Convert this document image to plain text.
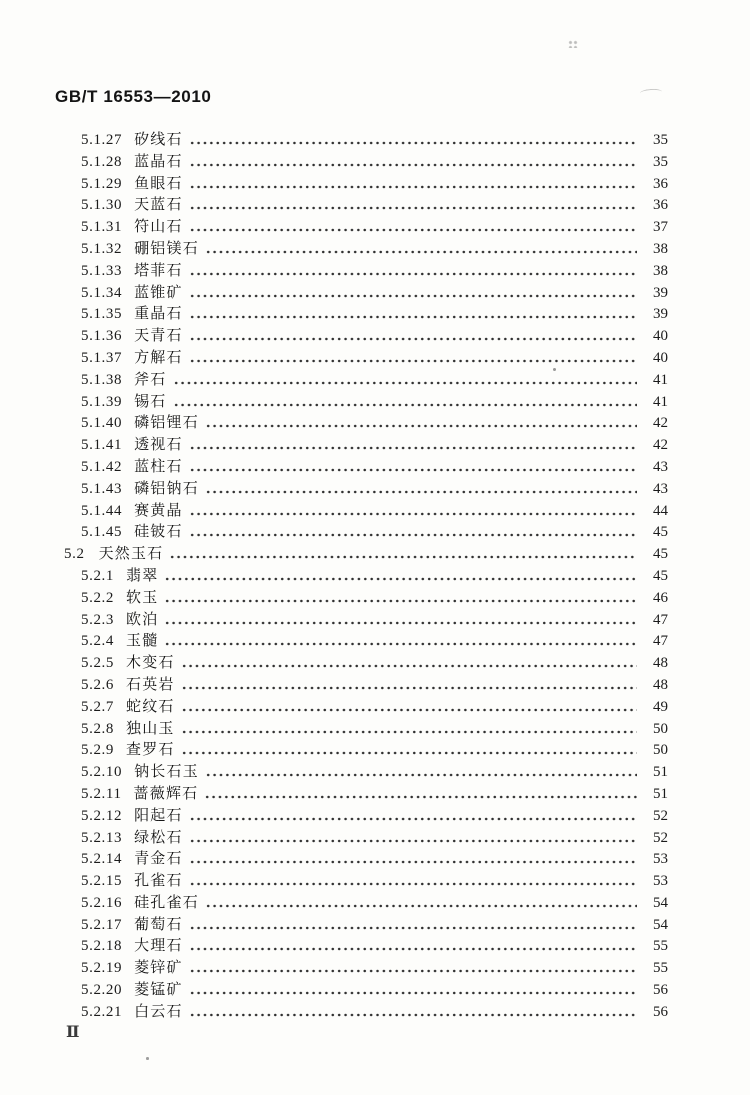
GB/T 16553—2010
5.1.27 矽线石	35
5.1.28 蓝晶石	35
5.1.29 鱼眼石	36
5.1.30 天蓝石	36
5.1.31 符山石	37
5.1.32 硼铝镁石	38
5.1.33 塔菲石	38
5.1.34 蓝锥矿	39
5.1.35 重晶石	39
5.1.36 天青石	40
5.1.37 方解石	40
5.1.38 斧石	41
5.1.39 锡石	41
5.1.40 磷铝锂石	42
5.1.41 透视石	42
5.1.42 蓝柱石	43
5.1.43 磷铝钠石	43
5.1.44 赛黄晶	44
5.1.45 硅铍石	45
5.2 天然玉石	45
5.2.1 翡翠	45
5.2.2 软玉	46
5.2.3 欧泊	47
5.2.4 玉髓	47
5.2.5 木变石	48
5.2.6 石英岩	48
5.2.7 蛇纹石	49
5.2.8 独山玉	50
5.2.9 查罗石	50
5.2.10 钠长石玉	51
5.2.11 蔷薇辉石	51
5.2.12 阳起石	52
5.2.13 绿松石	52
5.2.14 青金石	53
5.2.15 孔雀石	53
5.2.16 硅孔雀石	54
5.2.17 葡萄石	54
5.2.18 大理石	55
5.2.19 菱锌矿	55
5.2.20 菱锰矿	56
5.2.21 白云石	56
Ⅱ
